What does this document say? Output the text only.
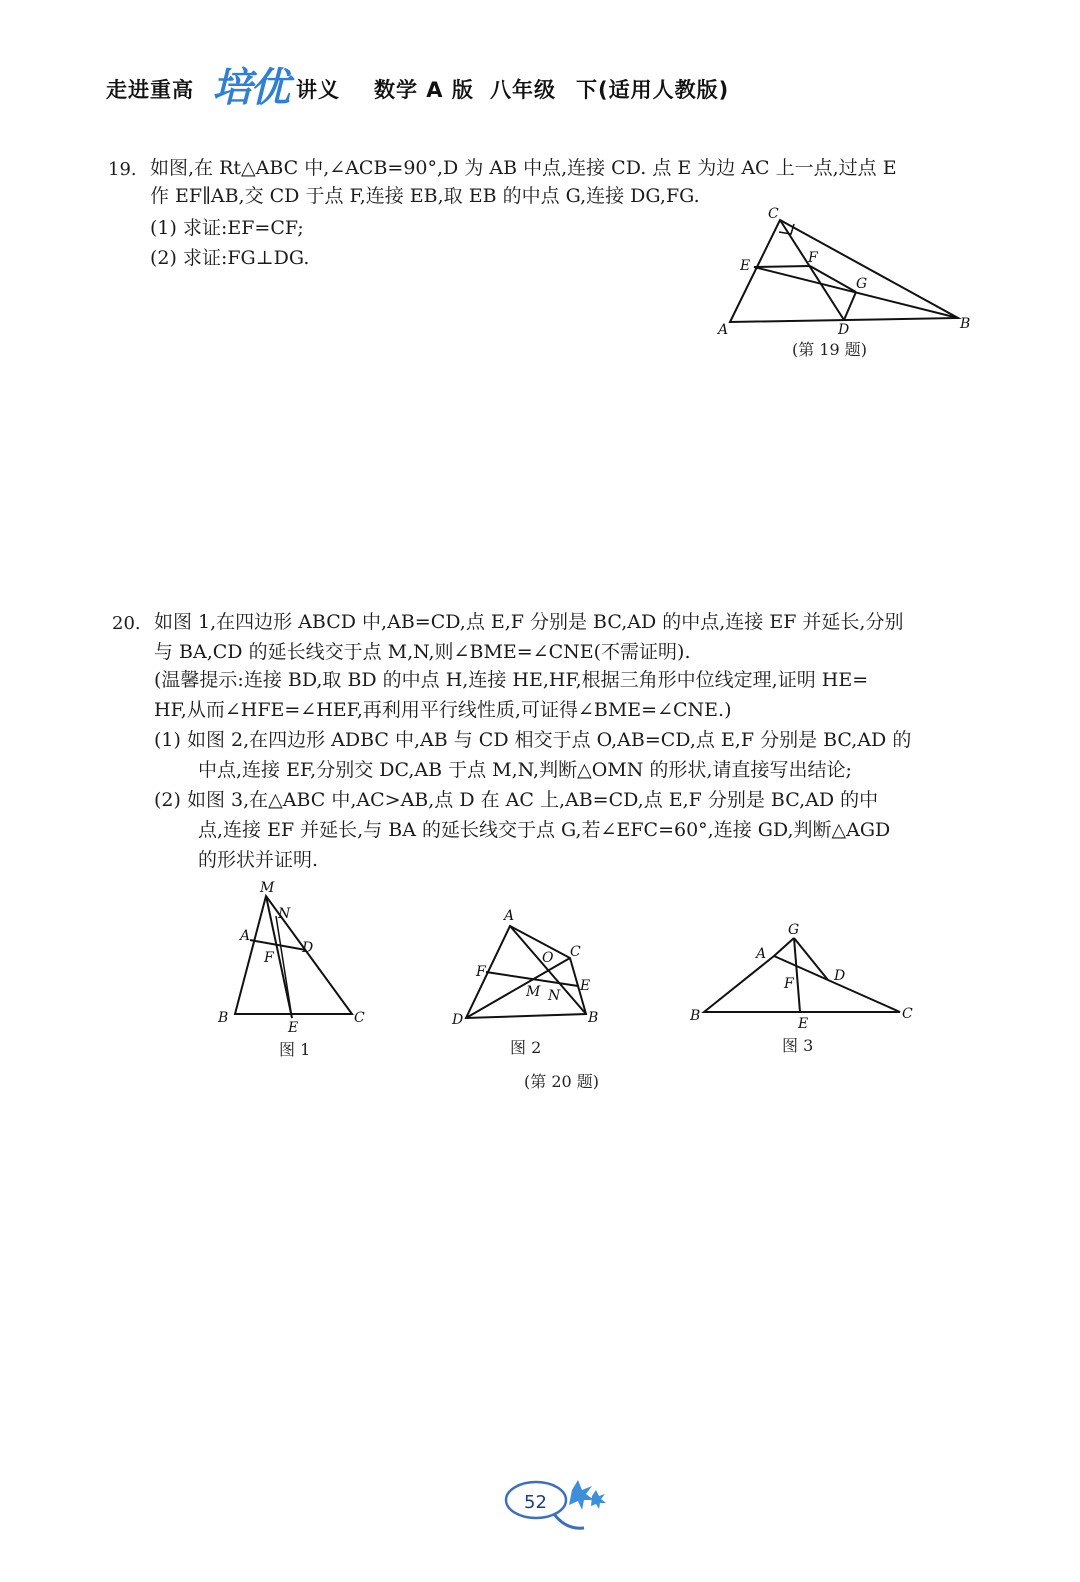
走进重高 培优 讲义 数学 A 版 八年级 下(适用人教版)
19. 如图,在 Rt△ABC 中,∠ACB=90°,D 为 AB 中点,连接 CD. 点 E 为边 AC 上一点,过点 E
作 EF∥AB,交 CD 于点 F,连接 EB,取 EB 的中点 G,连接 DG,FG.
(1) 求证:EF=CF;
(2) 求证:FG⊥DG.
C
E	F
G
A	D	B
(第 19 题)
20. 如图 1,在四边形 ABCD 中,AB=CD,点 E,F 分别是 BC,AD 的中点,连接 EF 并延长,分别
与 BA,CD 的延长线交于点 M,N,则∠BME=∠CNE(不需证明).
(温馨提示:连接 BD,取 BD 的中点 H,连接 HE,HF,根据三角形中位线定理,证明 HE=
HF,从而∠HFE=∠HEF,再利用平行线性质,可证得∠BME=∠CNE.)
(1) 如图 2,在四边形 ADBC 中,AB 与 CD 相交于点 O,AB=CD,点 E,F 分别是 BC,AD 的
中点,连接 EF,分别交 DC,AB 于点 M,N,判断△OMN 的形状,请直接写出结论;
(2) 如图 3,在△ABC 中,AC>AB,点 D 在 AC 上,AB=CD,点 E,F 分别是 BC,AD 的中
点,连接 EF 并延长,与 BA 的延长线交于点 G,若∠EFC=60°,连接 GD,判断△AGD
的形状并证明.
M
N
A
D
F
B
E
C
图 1
A
C
O
F
E
M N
D	B
图 2
G
A
D
F
B	E
C
图 3
(第 20 题)
52
